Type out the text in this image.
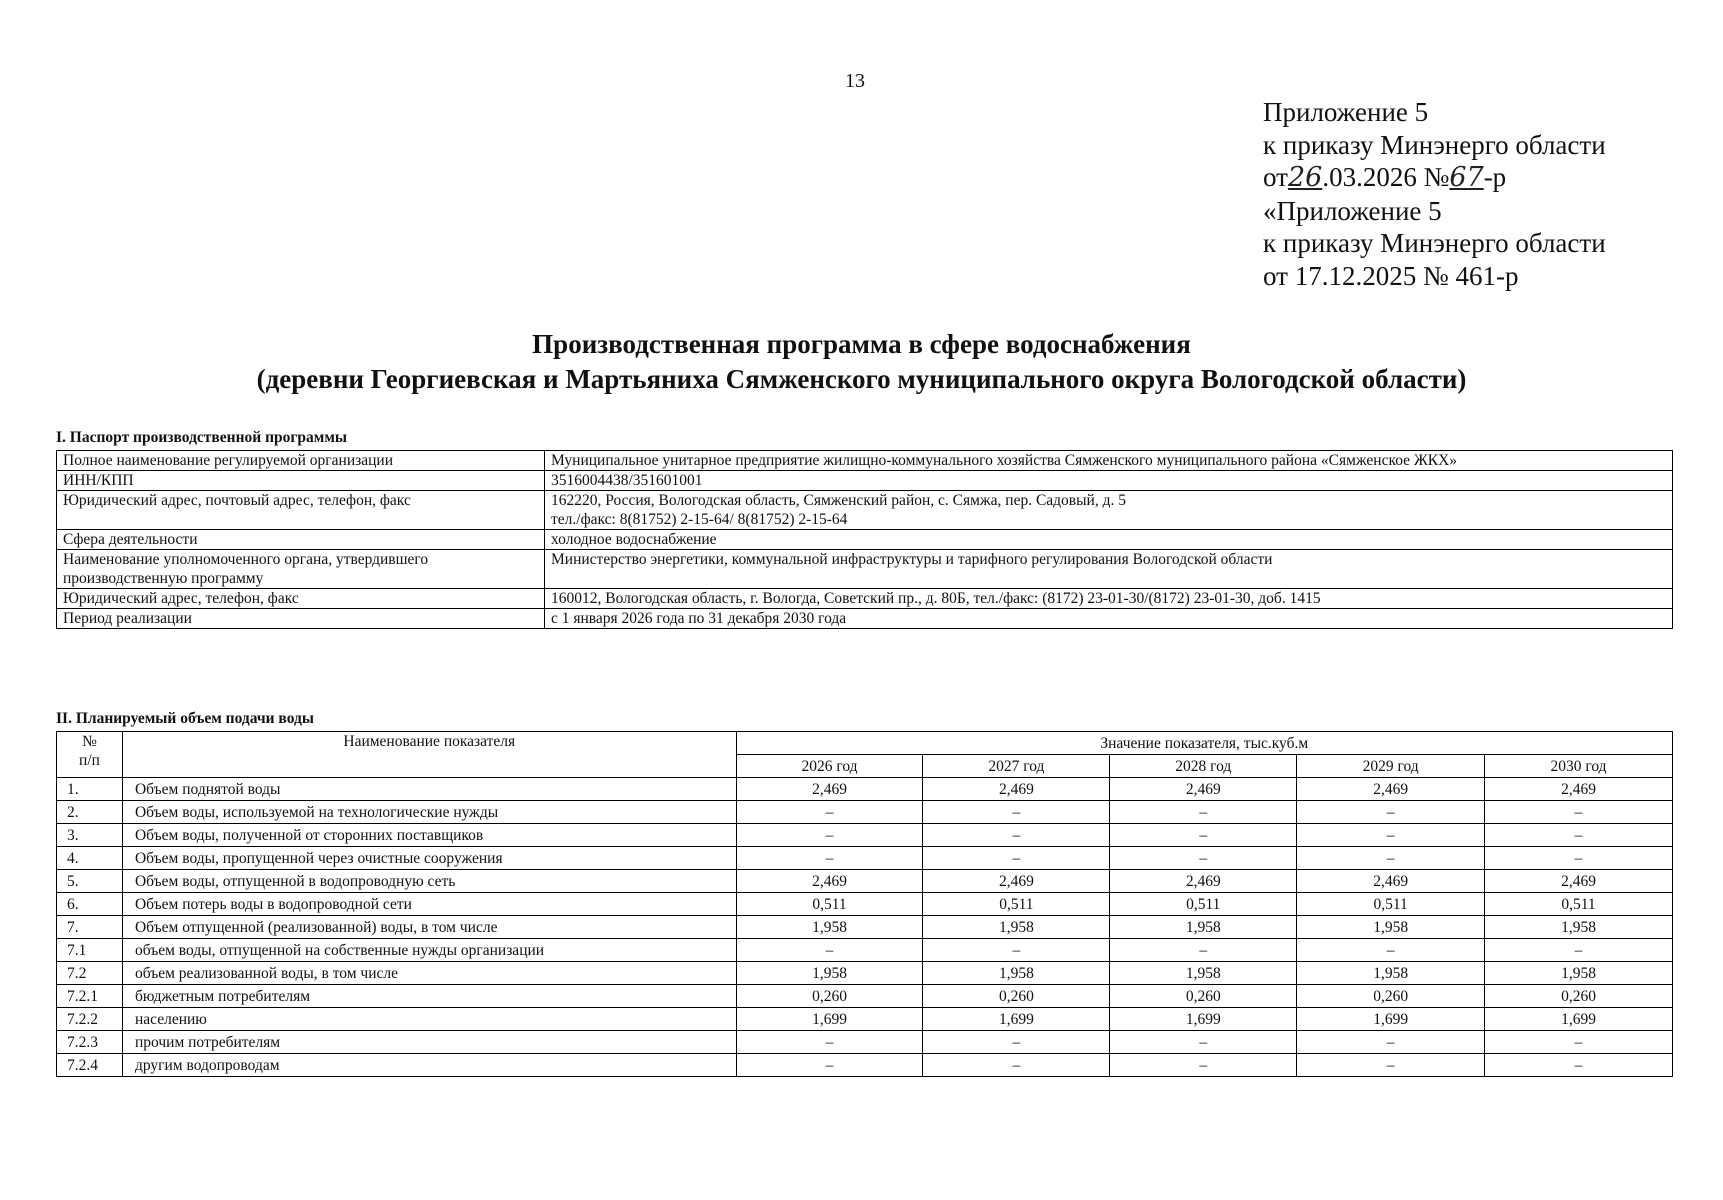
13
Приложение 5
к приказу Минэнерго области
от26.03.2026 №67-р
«Приложение 5
к приказу Минэнерго области
от 17.12.2025 № 461-р
Производственная программа в сфере водоснабжения
(деревни Георгиевская и Мартьяниха Сямженского муниципального округа Вологодской области)
I. Паспорт производственной программы
Полное наименование регулируемой организации	Муниципальное унитарное предприятие жилищно-коммунального хозяйства Сямженского муниципального района «Сямженское ЖКХ»
ИНН/КПП	3516004438/351601001
Юридический адрес, почтовый адрес, телефон, факс	162220, Россия, Вологодская область, Сямженский район, с. Сямжа, пер. Садовый, д. 5
тел./факс: 8(81752) 2-15-64/ 8(81752) 2-15-64

Сфера деятельности	холодное водоснабжение
Наименование уполномоченного органа, утвердившего производственную программу	Министерство энергетики, коммунальной инфраструктуры и тарифного регулирования Вологодской области
Юридический адрес, телефон, факс	160012, Вологодская область, г. Вологда, Советский пр., д. 80Б, тел./факс: (8172) 23-01-30/(8172) 23-01-30, доб. 1415
Период реализации	с 1 января 2026 года по 31 декабря 2030 года
II. Планируемый объем подачи воды
№
п/п	Наименование показателя	Значение показателя, тыс.куб.м				
		2026 год	2027 год	2028 год	2029 год	2030 год
1.	Объем поднятой воды	2,469	2,469	2,469	2,469	2,469
2.	Объем воды, используемой на технологические нужды	–	–	–	–	–
3.	Объем воды, полученной от сторонних поставщиков	–	–	–	–	–
4.	Объем воды, пропущенной через очистные сооружения	–	–	–	–	–
5.	Объем воды, отпущенной в водопроводную сеть	2,469	2,469	2,469	2,469	2,469
6.	Объем потерь воды в водопроводной сети	0,511	0,511	0,511	0,511	0,511
7.	Объем отпущенной (реализованной) воды, в том числе	1,958	1,958	1,958	1,958	1,958
7.1	объем воды, отпущенной на собственные нужды организации	–	–	–	–	–
7.2	объем реализованной воды, в том числе	1,958	1,958	1,958	1,958	1,958
7.2.1	бюджетным потребителям	0,260	0,260	0,260	0,260	0,260
7.2.2	населению	1,699	1,699	1,699	1,699	1,699
7.2.3	прочим потребителям	–	–	–	–	–
7.2.4	другим водопроводам	–	–	–	–	–
